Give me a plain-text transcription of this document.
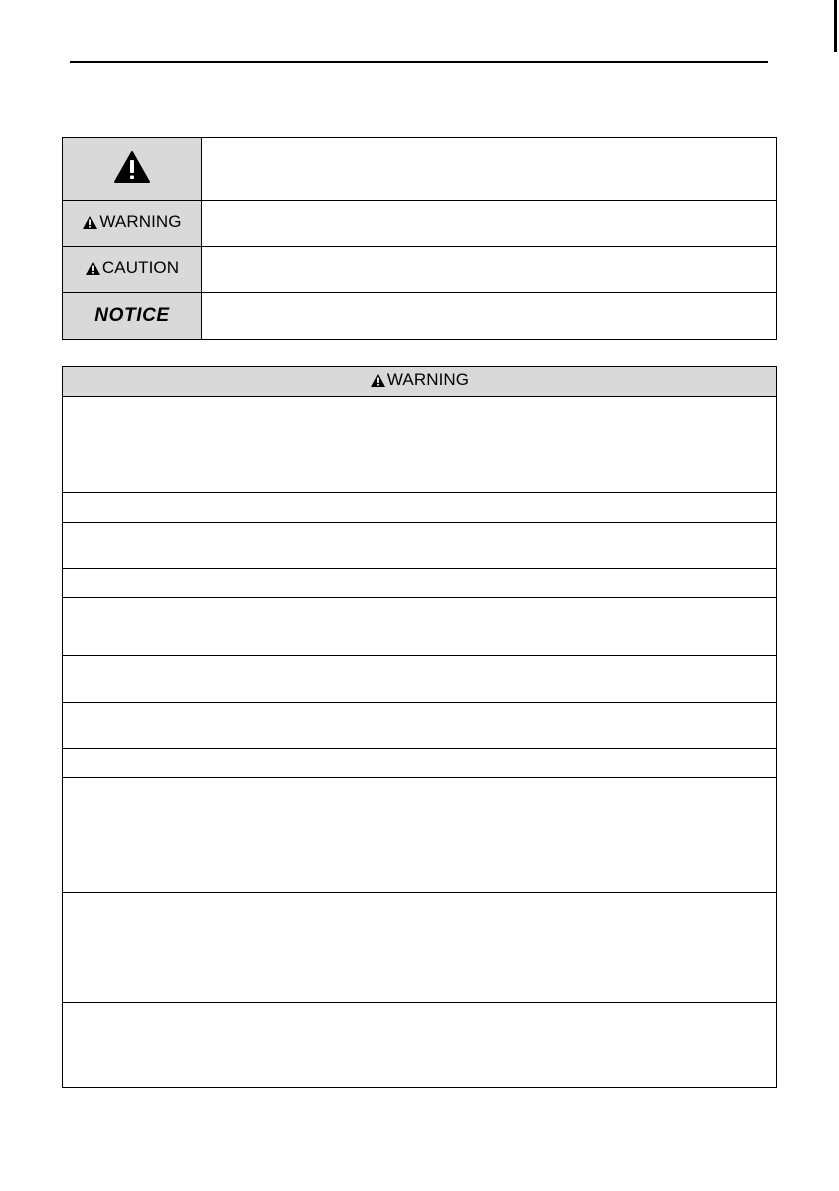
WARNING	

CAUTION	

NOTICE	
WARNING
